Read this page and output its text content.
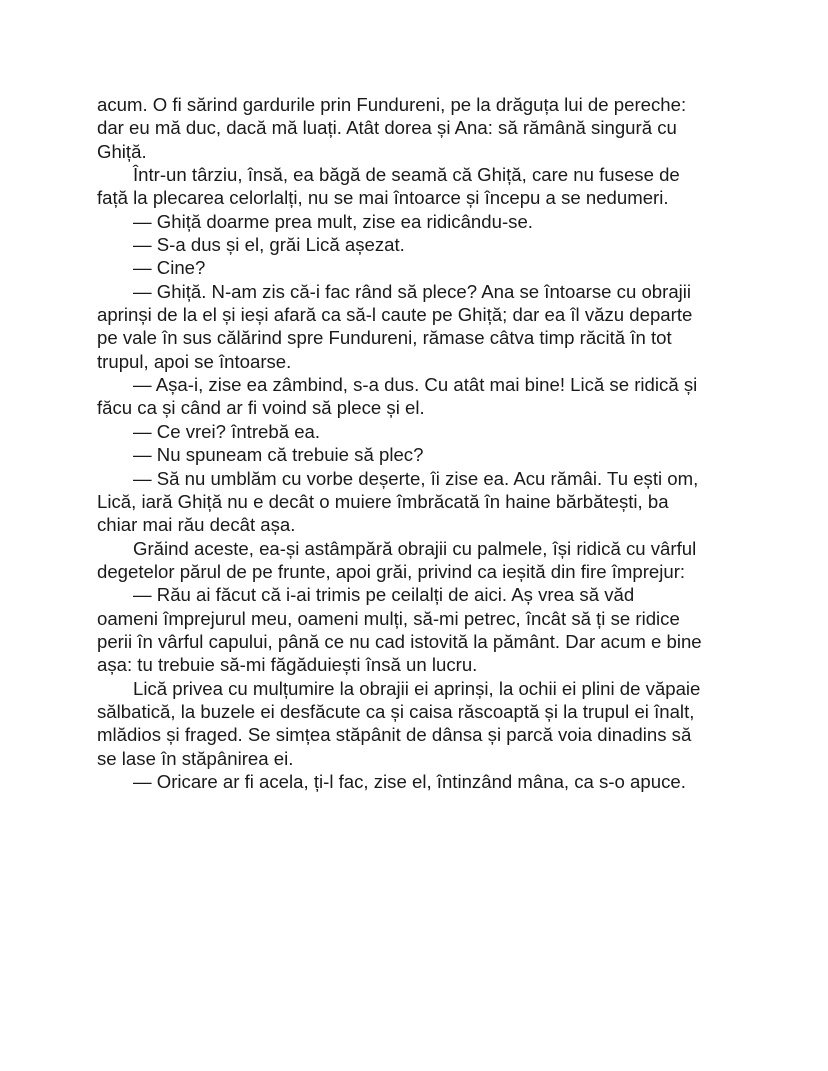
acum. O fi sărind gardurile prin Fundureni, pe la drăguța lui de pereche:
dar eu mă duc, dacă mă luați. Atât dorea și Ana: să rămână singură cu
Ghiță.

Într-un târziu, însă, ea băgă de seamă că Ghiță, care nu fusese de
față la plecarea celorlalți, nu se mai întoarce și începu a se nedumeri.

— Ghiță doarme prea mult, zise ea ridicându-se.

— S-a dus și el, grăi Lică așezat.

— Cine?

— Ghiță. N-am zis că-i fac rând să plece? Ana se întoarse cu obrajii
aprinși de la el și ieși afară ca să-l caute pe Ghiță; dar ea îl văzu departe
pe vale în sus călărind spre Fundureni, rămase câtva timp răcită în tot
trupul, apoi se întoarse.

— Așa-i, zise ea zâmbind, s-a dus. Cu atât mai bine! Lică se ridică și
făcu ca și când ar fi voind să plece și el.

— Ce vrei? întrebă ea.

— Nu spuneam că trebuie să plec?

— Să nu umblăm cu vorbe deșerte, îi zise ea. Acu rămâi. Tu ești om,
Lică, iară Ghiță nu e decât o muiere îmbrăcată în haine bărbătești, ba
chiar mai rău decât așa.

Grăind aceste, ea-și astâmpără obrajii cu palmele, își ridică cu vârful
degetelor părul de pe frunte, apoi grăi, privind ca ieșită din fire împrejur:

— Rău ai făcut că i-ai trimis pe ceilalți de aici. Aș vrea să văd
oameni împrejurul meu, oameni mulți, să-mi petrec, încât să ți se ridice
perii în vârful capului, până ce nu cad istovită la pământ. Dar acum e bine
așa: tu trebuie să-mi făgăduiești însă un lucru.

Lică privea cu mulțumire la obrajii ei aprinși, la ochii ei plini de văpaie
sălbatică, la buzele ei desfăcute ca și caisa răscoaptă și la trupul ei înalt,
mlădios și fraged. Se simțea stăpânit de dânsa și parcă voia dinadins să
se lase în stăpânirea ei.

— Oricare ar fi acela, ți-l fac, zise el, întinzând mâna, ca s-o apuce.
